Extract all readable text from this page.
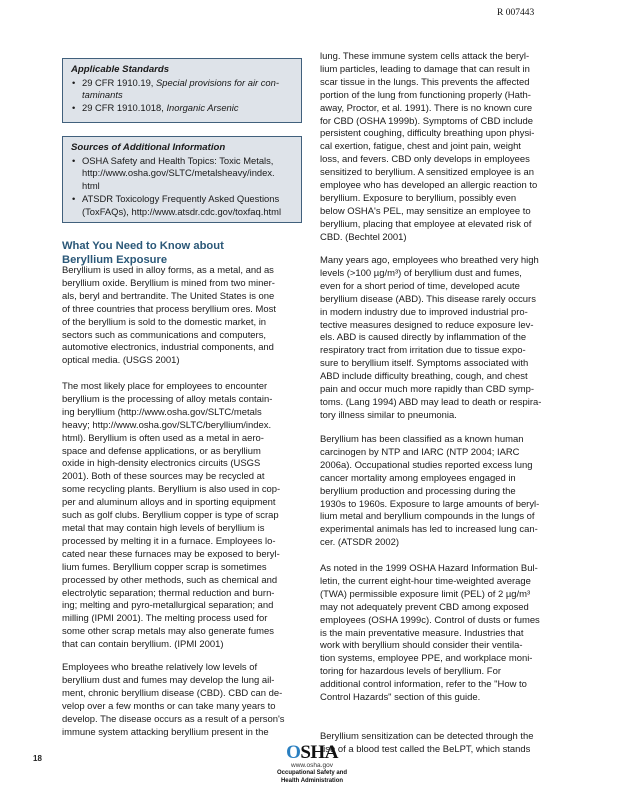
R 007443
Applicable Standards
• 29 CFR 1910.19, Special provisions for air con-
taminants
• 29 CFR 1910.1018, Inorganic Arsenic
Sources of Additional Information
• OSHA Safety and Health Topics: Toxic Metals,
http://www.osha.gov/SLTC/metalsheavy/index.
html
• ATSDR Toxicology Frequently Asked Questions
(ToxFAQs), http://www.atsdr.cdc.gov/toxfaq.html
What You Need to Know about
Beryllium Exposure
Beryllium is used in alloy forms, as a metal, and as
beryllium oxide. Beryllium is mined from two miner-
als, beryl and bertrandite. The United States is one
of three countries that process beryllium ores. Most
of the beryllium is sold to the domestic market, in
sectors such as communications and computers,
automotive electronics, industrial components, and
optical media. (USGS 2001)
The most likely place for employees to encounter
beryllium is the processing of alloy metals contain-
ing beryllium (http://www.osha.gov/SLTC/metals
heavy; http://www.osha.gov/SLTC/beryllium/index.
html). Beryllium is often used as a metal in aero-
space and defense applications, or as beryllium
oxide in high-density electronics circuits (USGS
2001). Both of these sources may be recycled at
some recycling plants. Beryllium is also used in cop-
per and aluminum alloys and in sporting equipment
such as golf clubs. Beryllium copper is type of scrap
metal that may contain high levels of beryllium is
processed by melting it in a furnace. Employees lo-
cated near these furnaces may be exposed to beryl-
lium fumes. Beryllium copper scrap is sometimes
processed by other methods, such as chemical and
electrolytic separation; thermal reduction and burn-
ing; melting and pyro-metallurgical separation; and
milling (IPMI 2001). The melting process used for
some other scrap metals may also generate fumes
that can contain beryllium. (IPMI 2001)
Employees who breathe relatively low levels of
beryllium dust and fumes may develop the lung ail-
ment, chronic beryllium disease (CBD). CBD can de-
velop over a few months or can take many years to
develop. The disease occurs as a result of a person's
immune system attacking beryllium present in the
lung. These immune system cells attack the beryl-
lium particles, leading to damage that can result in
scar tissue in the lungs. This prevents the affected
portion of the lung from functioning properly (Hath-
away, Proctor, et al. 1991). There is no known cure
for CBD (OSHA 1999b). Symptoms of CBD include
persistent coughing, difficulty breathing upon physi-
cal exertion, fatigue, chest and joint pain, weight
loss, and fevers. CBD only develops in employees
sensitized to beryllium. A sensitized employee is an
employee who has developed an allergic reaction to
beryllium. Exposure to beryllium, possibly even
below OSHA's PEL, may sensitize an employee to
beryllium, placing that employee at elevated risk of
CBD. (Bechtel 2001)
Many years ago, employees who breathed very high
levels (>100 µg/m³) of beryllium dust and fumes,
even for a short period of time, developed acute
beryllium disease (ABD). This disease rarely occurs
in modern industry due to improved industrial pro-
tective measures designed to reduce exposure lev-
els. ABD is caused directly by inflammation of the
respiratory tract from irritation due to tissue expo-
sure to beryllium itself. Symptoms associated with
ABD include difficulty breathing, cough, and chest
pain and occur much more rapidly than CBD symp-
toms. (Lang 1994) ABD may lead to death or respira-
tory illness similar to pneumonia.
Beryllium has been classified as a known human
carcinogen by NTP and IARC (NTP 2004; IARC
2006a). Occupational studies reported excess lung
cancer mortality among employees engaged in
beryllium production and processing during the
1930s to 1960s. Exposure to large amounts of beryl-
lium metal and beryllium compounds in the lungs of
experimental animals has led to increased lung can-
cer. (ATSDR 2002)
As noted in the 1999 OSHA Hazard Information Bul-
letin, the current eight-hour time-weighted average
(TWA) permissible exposure limit (PEL) of 2 µg/m³
may not adequately prevent CBD among exposed
employees (OSHA 1999c). Control of dusts or fumes
is the main preventative measure. Industries that
work with beryllium should consider their ventila-
tion systems, employee PPE, and workplace moni-
toring for hazardous levels of beryllium. For
additional control information, refer to the "How to
Control Hazards" section of this guide.
Beryllium sensitization can be detected through the
use of a blood test called the BeLPT, which stands
18	OSHA
www.osha.gov
Occupational Safety and
Health Administration
